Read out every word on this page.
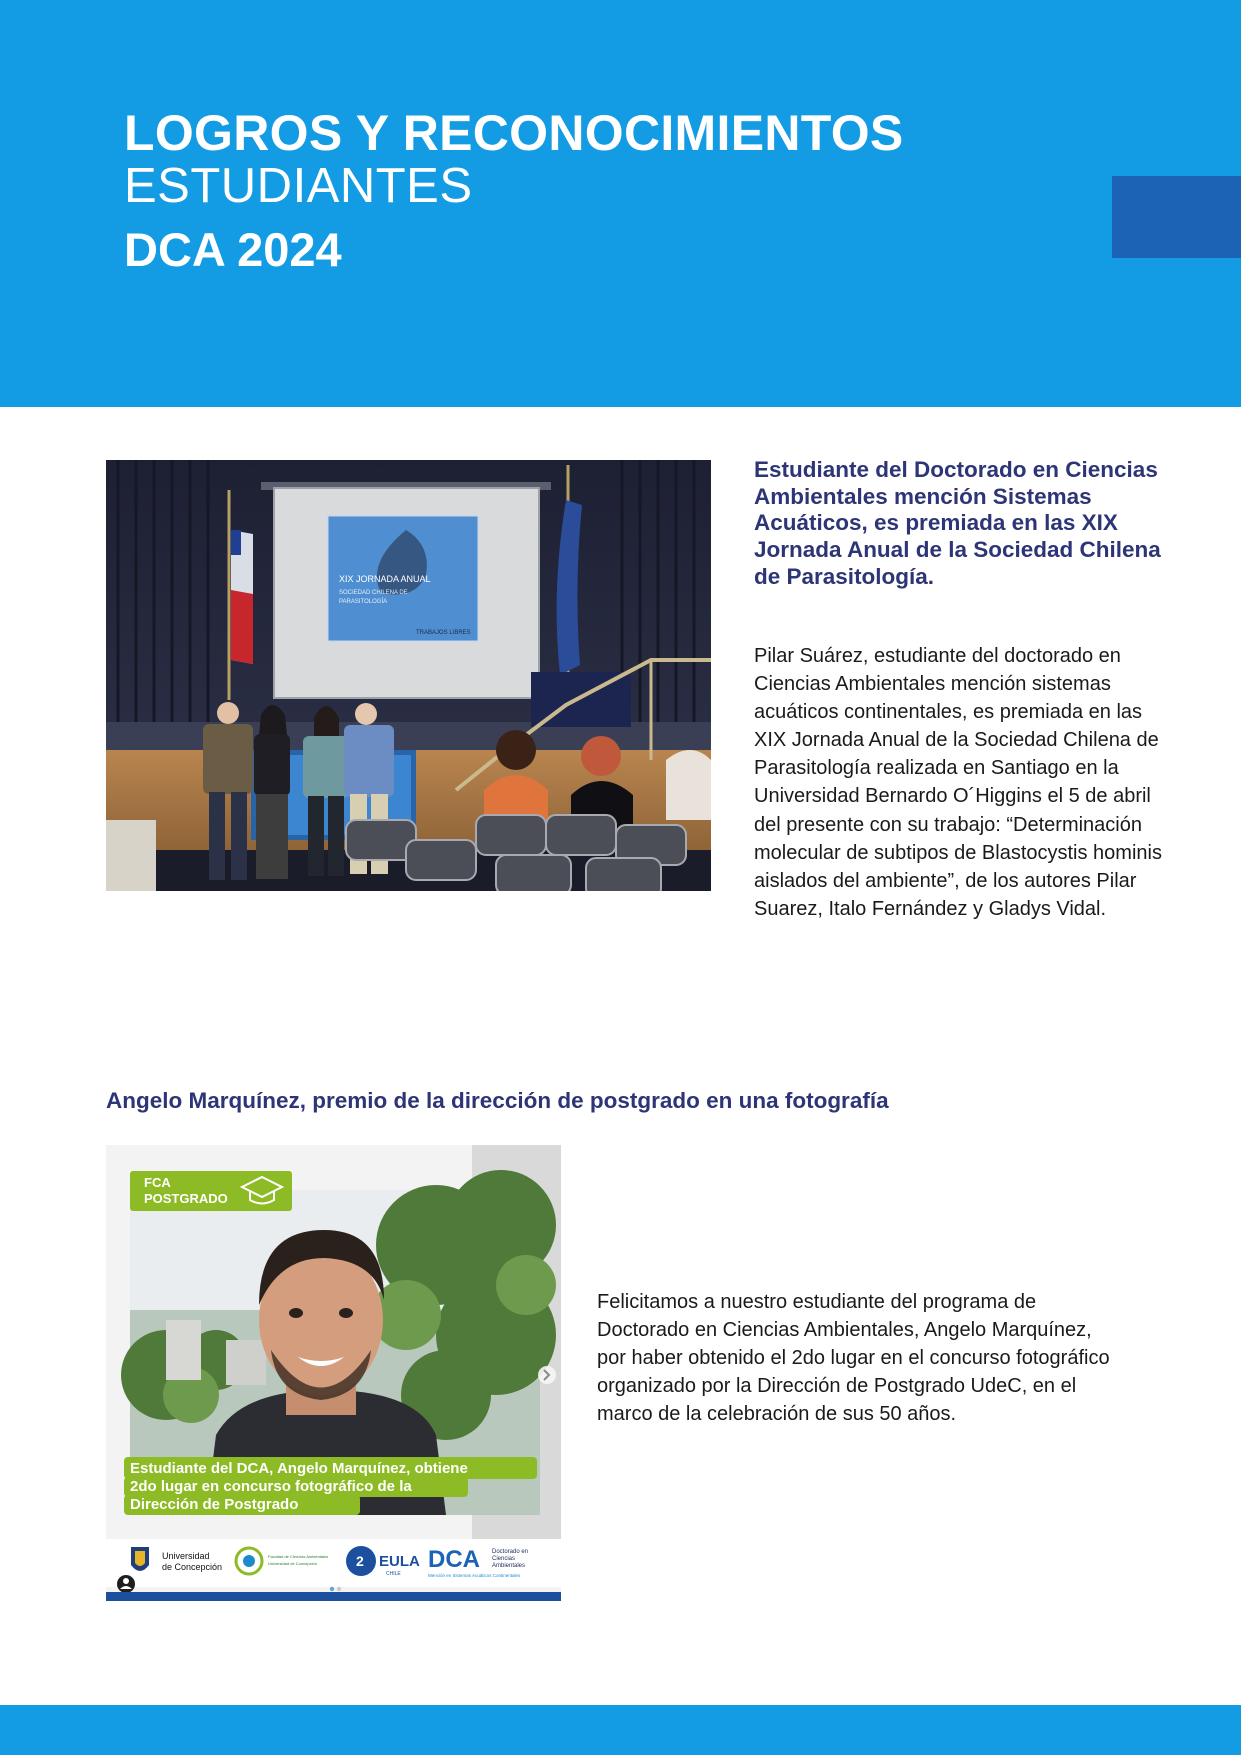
LOGROS Y RECONOCIMIENTOS
ESTUDIANTES
DCA 2024
XIX JORNADA ANUAL
SOCIEDAD CHILENA DE
PARASITOLOGÍA
TRABAJOS LIBRES
Estudiante del Doctorado en Ciencias Ambientales mención Sistemas Acuáticos, es premiada en las XIX Jornada Anual de la Sociedad Chilena de Parasitología.

Pilar Suárez, estudiante del doctorado en Ciencias Ambientales mención sistemas acuáticos continentales, es premiada en las XIX Jornada Anual de la Sociedad Chilena de Parasitología realizada en Santiago en la Universidad Bernardo O´Higgins el 5 de abril del presente con su trabajo: “Determinación molecular de subtipos de Blastocystis hominis aislados del ambiente”, de los autores Pilar Suarez, Italo Fernández y Gladys Vidal.

Angelo Marquínez, premio de la dirección de postgrado en una fotografía
FCA
POSTGRADO
Estudiante del DCA, Angelo Marquínez, obtiene
2do lugar en concurso fotográfico de la
Dirección de Postgrado
Universidad
de Concepción
Facultad de Ciencias Ambientales
Universidad de Concepción	2 EULA
CHILE
DCA Doctorado en
Ciencias
Ambientales
Mención en Sistemas Acuáticos Continentales

Felicitamos a nuestro estudiante del programa de Doctorado en Ciencias Ambientales, Angelo Marquínez, por haber obtenido el 2do lugar en el concurso fotográfico organizado por la Dirección de Postgrado UdeC, en el marco de la celebración de sus 50 años.
